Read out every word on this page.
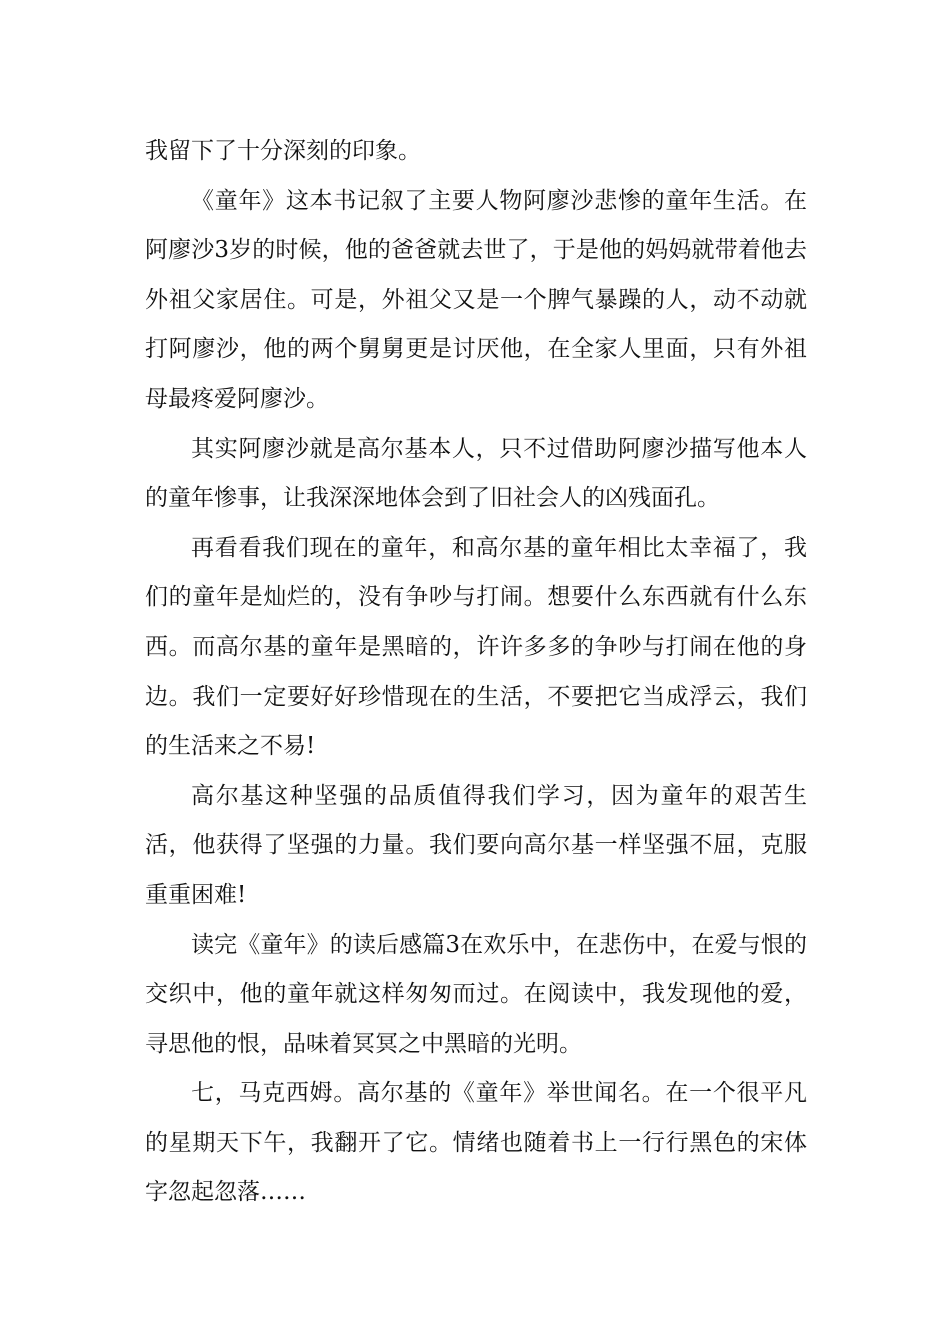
我留下了十分深刻的印象。

《童年》这本书记叙了主要人物阿廖沙悲惨的童年生活。在阿廖沙3岁的时候，他的爸爸就去世了，于是他的妈妈就带着他去外祖父家居住。可是，外祖父又是一个脾气暴躁的人，动不动就打阿廖沙，他的两个舅舅更是讨厌他，在全家人里面，只有外祖母最疼爱阿廖沙。

其实阿廖沙就是高尔基本人，只不过借助阿廖沙描写他本人的童年惨事，让我深深地体会到了旧社会人的凶残面孔。

再看看我们现在的童年，和高尔基的童年相比太幸福了，我们的童年是灿烂的，没有争吵与打闹。想要什么东西就有什么东西。而高尔基的童年是黑暗的，许许多多的争吵与打闹在他的身边。我们一定要好好珍惜现在的生活，不要把它当成浮云，我们的生活来之不易!

高尔基这种坚强的品质值得我们学习，因为童年的艰苦生活，他获得了坚强的力量。我们要向高尔基一样坚强不屈，克服重重困难!

读完《童年》的读后感篇3在欢乐中，在悲伤中，在爱与恨的交织中，他的童年就这样匆匆而过。在阅读中，我发现他的爱，寻思他的恨，品味着冥冥之中黑暗的光明。

七，马克西姆。高尔基的《童年》举世闻名。在一个很平凡的星期天下午，我翻开了它。情绪也随着书上一行行黑色的宋体字忽起忽落……
